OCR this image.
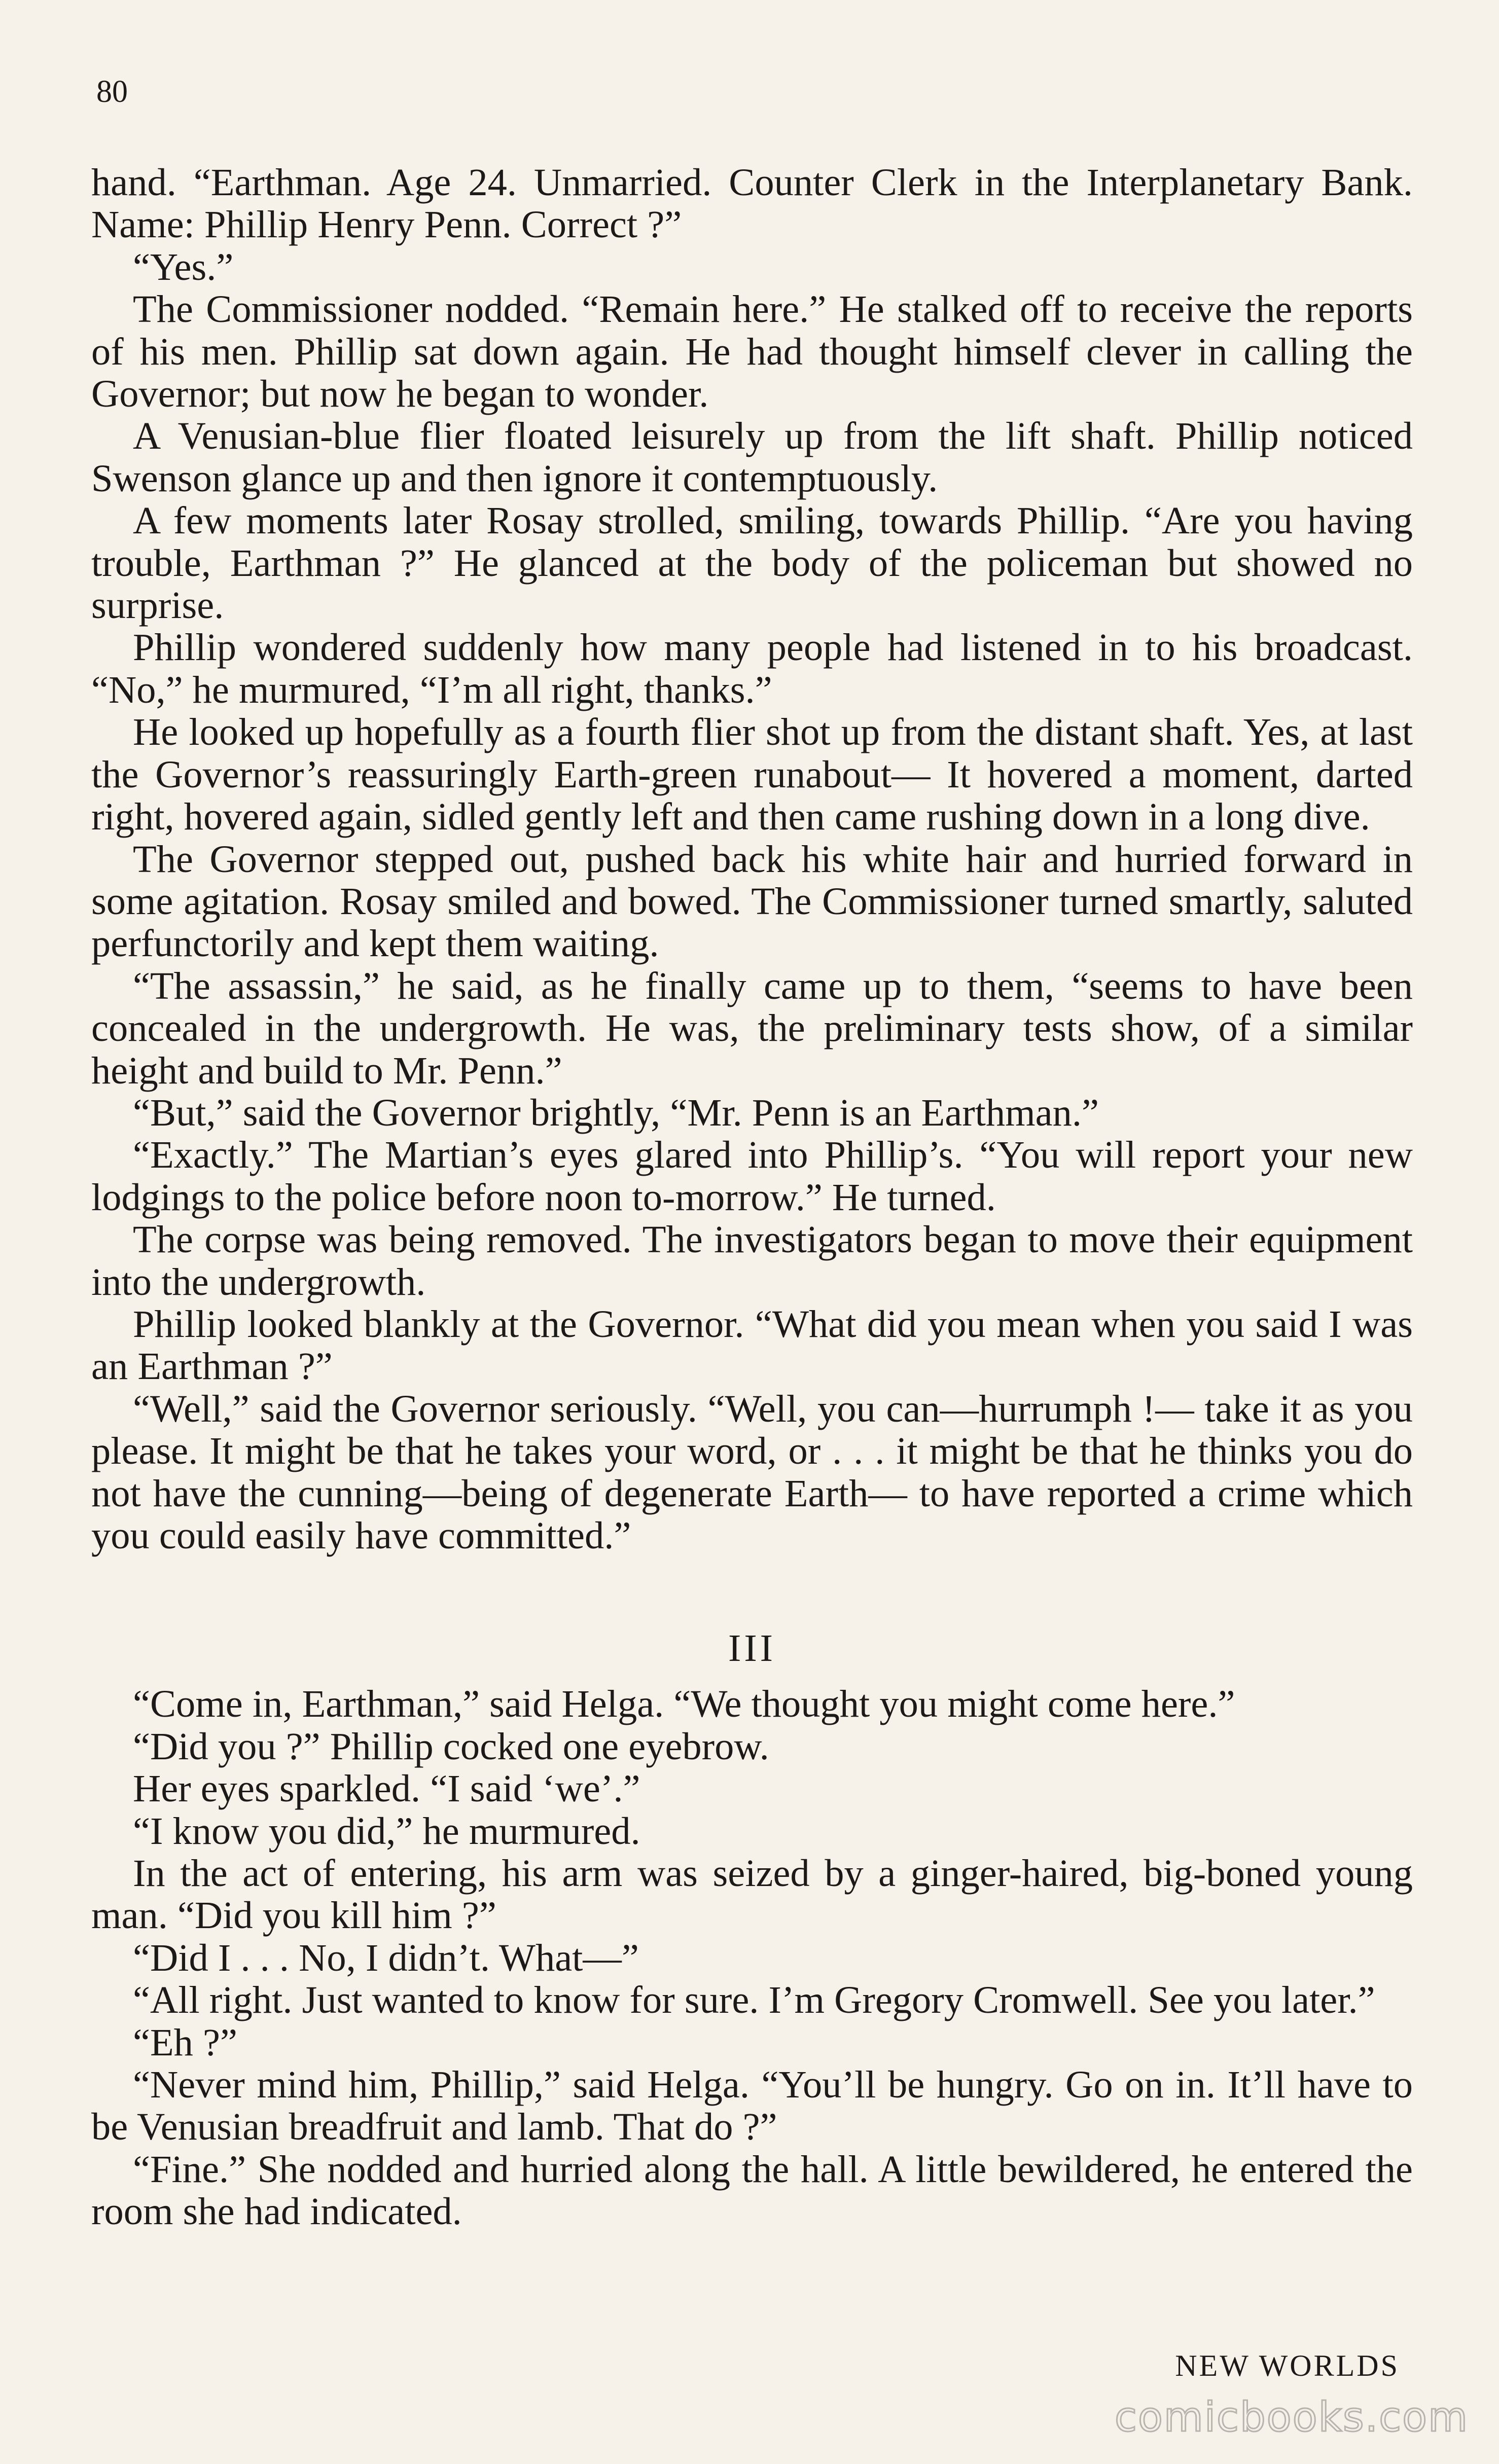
80

hand. “Earthman. Age 24. Unmarried. Counter Clerk in the Interplanetary Bank. Name: Phillip Henry Penn. Correct ?”

“Yes.”

The Commissioner nodded. “Remain here.” He stalked off to receive the reports of his men. Phillip sat down again. He had thought himself clever in calling the Governor; but now he began to wonder.

A Venusian-blue flier floated leisurely up from the lift shaft. Phillip noticed Swenson glance up and then ignore it contemptuously.

A few moments later Rosay strolled, smiling, towards Phillip. “Are you having trouble, Earthman ?” He glanced at the body of the policeman but showed no surprise.

Phillip wondered suddenly how many people had listened in to his broadcast. “No,” he murmured, “I’m all right, thanks.”

He looked up hopefully as a fourth flier shot up from the distant shaft. Yes, at last the Governor’s reassuringly Earth-green runabout— It hovered a moment, darted right, hovered again, sidled gently left and then came rushing down in a long dive.

The Governor stepped out, pushed back his white hair and hurried forward in some agitation. Rosay smiled and bowed. The Commissioner turned smartly, saluted perfunctorily and kept them waiting.

“The assassin,” he said, as he finally came up to them, “seems to have been concealed in the undergrowth. He was, the preliminary tests show, of a similar height and build to Mr. Penn.”

“But,” said the Governor brightly, “Mr. Penn is an Earthman.”

“Exactly.” The Martian’s eyes glared into Phillip’s. “You will report your new lodgings to the police before noon to-morrow.” He turned.

The corpse was being removed. The investigators began to move their equipment into the undergrowth.

Phillip looked blankly at the Governor. “What did you mean when you said I was an Earthman ?”

“Well,” said the Governor seriously. “Well, you can—hurrumph !— take it as you please. It might be that he takes your word, or . . . it might be that he thinks you do not have the cunning—being of degenerate Earth— to have reported a crime which you could easily have committed.”

III

“Come in, Earthman,” said Helga. “We thought you might come here.”

“Did you ?” Phillip cocked one eyebrow.

Her eyes sparkled. “I said ‘we’.”

“I know you did,” he murmured.

In the act of entering, his arm was seized by a ginger-haired, big-boned young man. “Did you kill him ?”

“Did I . . . No, I didn’t. What—”

“All right. Just wanted to know for sure. I’m Gregory Cromwell. See you later.”

“Eh ?”

“Never mind him, Phillip,” said Helga. “You’ll be hungry. Go on in. It’ll have to be Venusian breadfruit and lamb. That do ?”

“Fine.” She nodded and hurried along the hall. A little bewildered, he entered the room she had indicated.

NEW WORLDS
comicbooks.com
